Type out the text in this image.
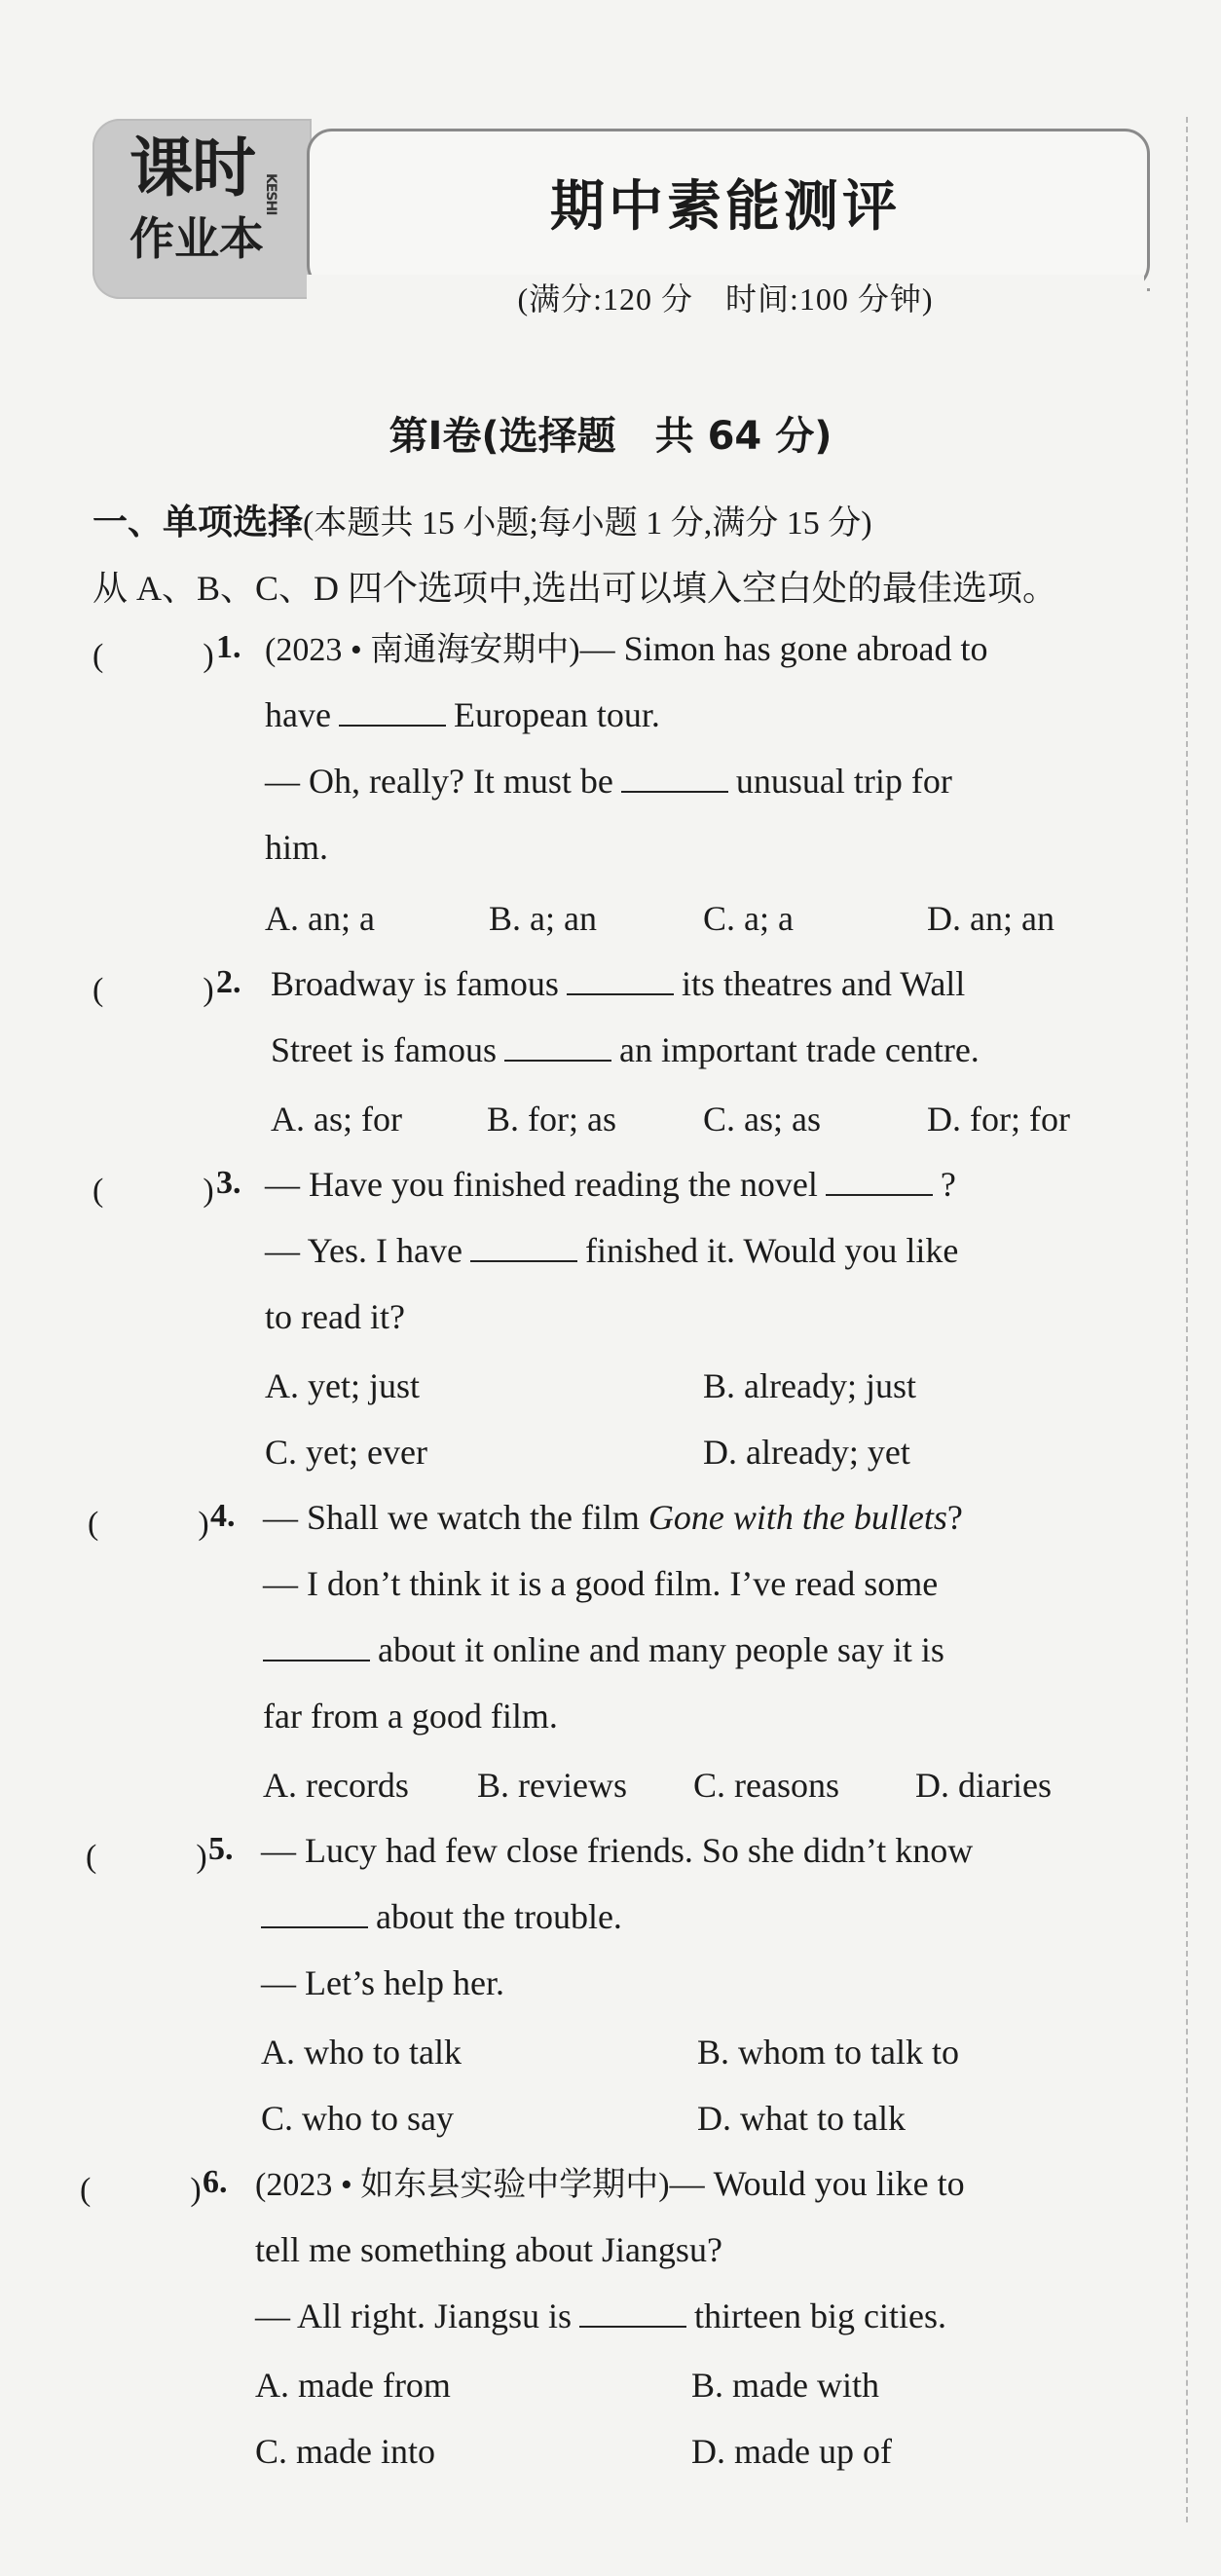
课时 KESHI
作业本	期中素能测评
(满分:120 分　时间:100 分钟)
第Ⅰ卷(选择题　共 64 分)
一、单项选择(本题共 15 小题;每小题 1 分,满分 15 分)
从 A、B、C、D 四个选项中,选出可以填入空白处的最佳选项。
(　　　) 1. (2023 • 南通海安期中)— Simon has gone abroad to
have	European tour.
— Oh, really? It must be	unusual trip for
him.
A. an; a	B. a; an	C. a; a	D. an; an
(　　　) 2. Broadway is famous	its theatres and Wall
Street is famous	an important trade centre.
A. as; for B. for; as C. as; as	D. for; for
(　　　) 3. — Have you finished reading the novel	?
— Yes. I have	finished it. Would you like
to read it?
A. yet; just	B. already; just
C. yet; ever	D. already; yet
(　　　) 4. — Shall we watch the film Gone with the bullets?
— I don’t think it is a good film. I’ve read some
about it online and many people say it is
far from a good film.
A. records B. reviews C. reasons D. diaries
(　　　) 5. — Lucy had few close friends. So she didn’t know
about the trouble.
— Let’s help her.
A. who to talk	B. whom to talk to
C. who to say	D. what to talk
(　　　) 6. (2023 • 如东县实验中学期中)— Would you like to
tell me something about Jiangsu?
— All right. Jiangsu is	thirteen big cities.
A. made from	B. made with
C. made into	D. made up of
